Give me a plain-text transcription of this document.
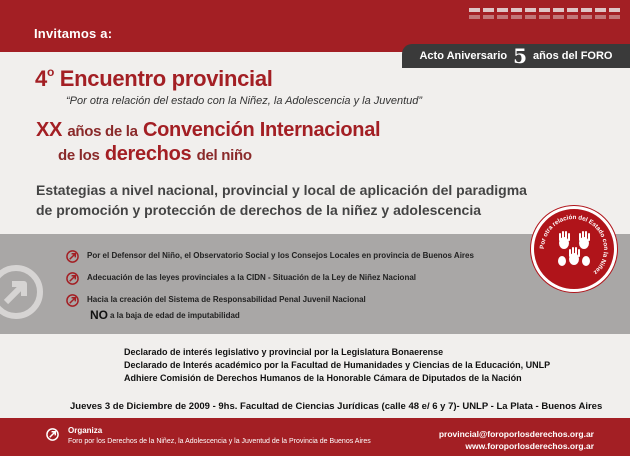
Invitamos a:
Acto Aniversario 5 años del FORO
4$^o$ Encuentro provincial
“Por otra relación del estado con la Niñez, la Adolescencia y la Juventud”
XX años de la Convención Internacional
de los derechos del niño
Estategias a nivel nacional, provincial y local de aplicación del paradigma
de promoción y protección de derechos de la niñez y adolescencia
Por el Defensor del Niño, el Observatorio Social y los Consejos Locales en provincia de Buenos Aires
Adecuación de las leyes provinciales a la CIDN - Situación de la Ley de Niñez Nacional
Hacia la creación del Sistema de Responsabilidad Penal Juvenil Nacional
NO a la baja de edad de imputabilidad
Por otra relación del Estado con la Niñez
Declarado de interés legislativo y provincial por la Legislatura Bonaerense
Declarado de Interés académico por la Facultad de Humanidades y Ciencias de la Educación, UNLP
Adhiere Comisión de Derechos Humanos de la Honorable Cámara de Diputados de la Nación
Jueves 3 de Diciembre de 2009 - 9hs. Facultad de Ciencias Jurídicas (calle 48 e/ 6 y 7)- UNLP - La Plata - Buenos Aires
Organiza
Foro por los Derechos de la Niñez, la Adolescencia y la Juventud de la Provincia de Buenos Aires
provincial@foroporlosderechos.org.ar
www.foroporlosderechos.org.ar
